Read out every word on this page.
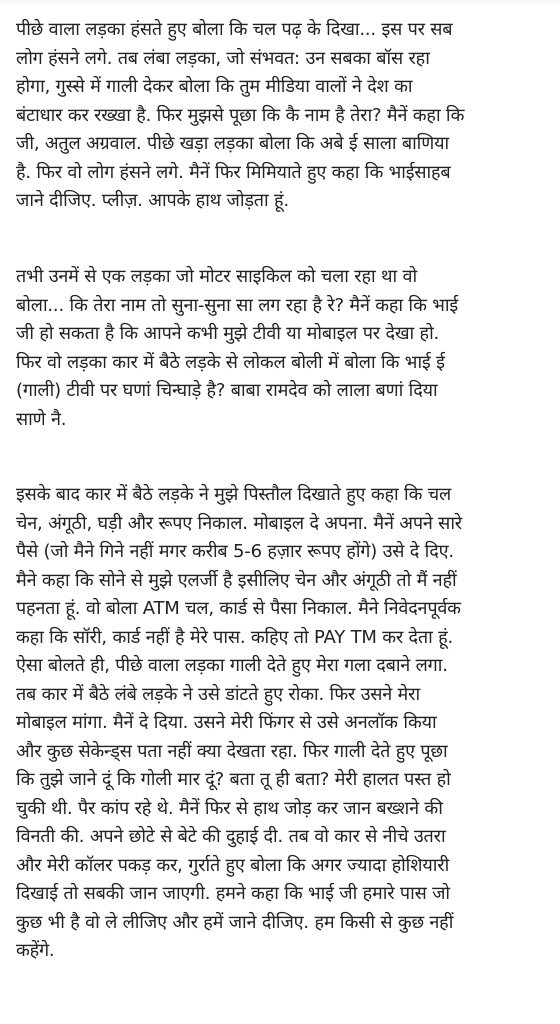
पीछे वाला लड़का हंसते हुए बोला कि चल पढ़ के दिखा... इस पर सब
लोग हंसने लगे. तब लंबा लड़का, जो संभवत: उन सबका बॉस रहा
होगा, गुस्से में गाली देकर बोला कि तुम मीडिया वालों ने देश का
बंटाधार कर रख्खा है. फिर मुझसे पूछा कि कै नाम है तेरा? मैनें कहा कि
जी, अतुल अग्रवाल. पीछे खड़ा लड़का बोला कि अबे ई साला बाणिया
है. फिर वो लोग हंसने लगे. मैनें फिर मिमियाते हुए कहा कि भाईसाहब
जाने दीजिए. प्लीज़. आपके हाथ जोड़ता हूं.
तभी उनमें से एक लड़का जो मोटर साइकिल को चला रहा था वो
बोला... कि तेरा नाम तो सुना-सुना सा लग रहा है रे? मैनें कहा कि भाई
जी हो सकता है कि आपने कभी मुझे टीवी या मोबाइल पर देखा हो.
फिर वो लड़का कार में बैठे लड़के से लोकल बोली में बोला कि भाई ई
(गाली) टीवी पर घणां चिन्घाड़े है? बाबा रामदेव को लाला बणां दिया
साणे नै.
इसके बाद कार में बैठे लड़के ने मुझे पिस्तौल दिखाते हुए कहा कि चल
चेन, अंगूठी, घड़ी और रूपए निकाल. मोबाइल दे अपना. मैनें अपने सारे
पैसे (जो मैने गिने नहीं मगर करीब 5-6 हज़ार रूपए होंगे) उसे दे दिए.
मैने कहा कि सोने से मुझे एलर्जी है इसीलिए चेन और अंगूठी तो मैं नहीं
पहनता हूं. वो बोला ATM चल, कार्ड से पैसा निकाल. मैने निवेदनपूर्वक
कहा कि सॉरी, कार्ड नहीं है मेरे पास. कहिए तो PAY TM कर देता हूं.
ऐसा बोलते ही, पीछे वाला लड़का गाली देते हुए मेरा गला दबाने लगा.
तब कार में बैठे लंबे लड़के ने उसे डांटते हुए रोका. फिर उसने मेरा
मोबाइल मांगा. मैनें दे दिया. उसने मेरी फिंगर से उसे अनलॉक किया
और कुछ सेकेन्ड्स पता नहीं क्या देखता रहा. फिर गाली देते हुए पूछा
कि तुझे जाने दूं कि गोली मार दूं? बता तू ही बता? मेरी हालत पस्त हो
चुकी थी. पैर कांप रहे थे. मैनें फिर से हाथ जोड़ कर जान बख्शने की
विनती की. अपने छोटे से बेटे की दुहाई दी. तब वो कार से नीचे उतरा
और मेरी कॉलर पकड़ कर, गुर्राते हुए बोला कि अगर ज्यादा होशियारी
दिखाई तो सबकी जान जाएगी. हमने कहा कि भाई जी हमारे पास जो
कुछ भी है वो ले लीजिए और हमें जाने दीजिए. हम किसी से कुछ नहीं
कहेंगे.
